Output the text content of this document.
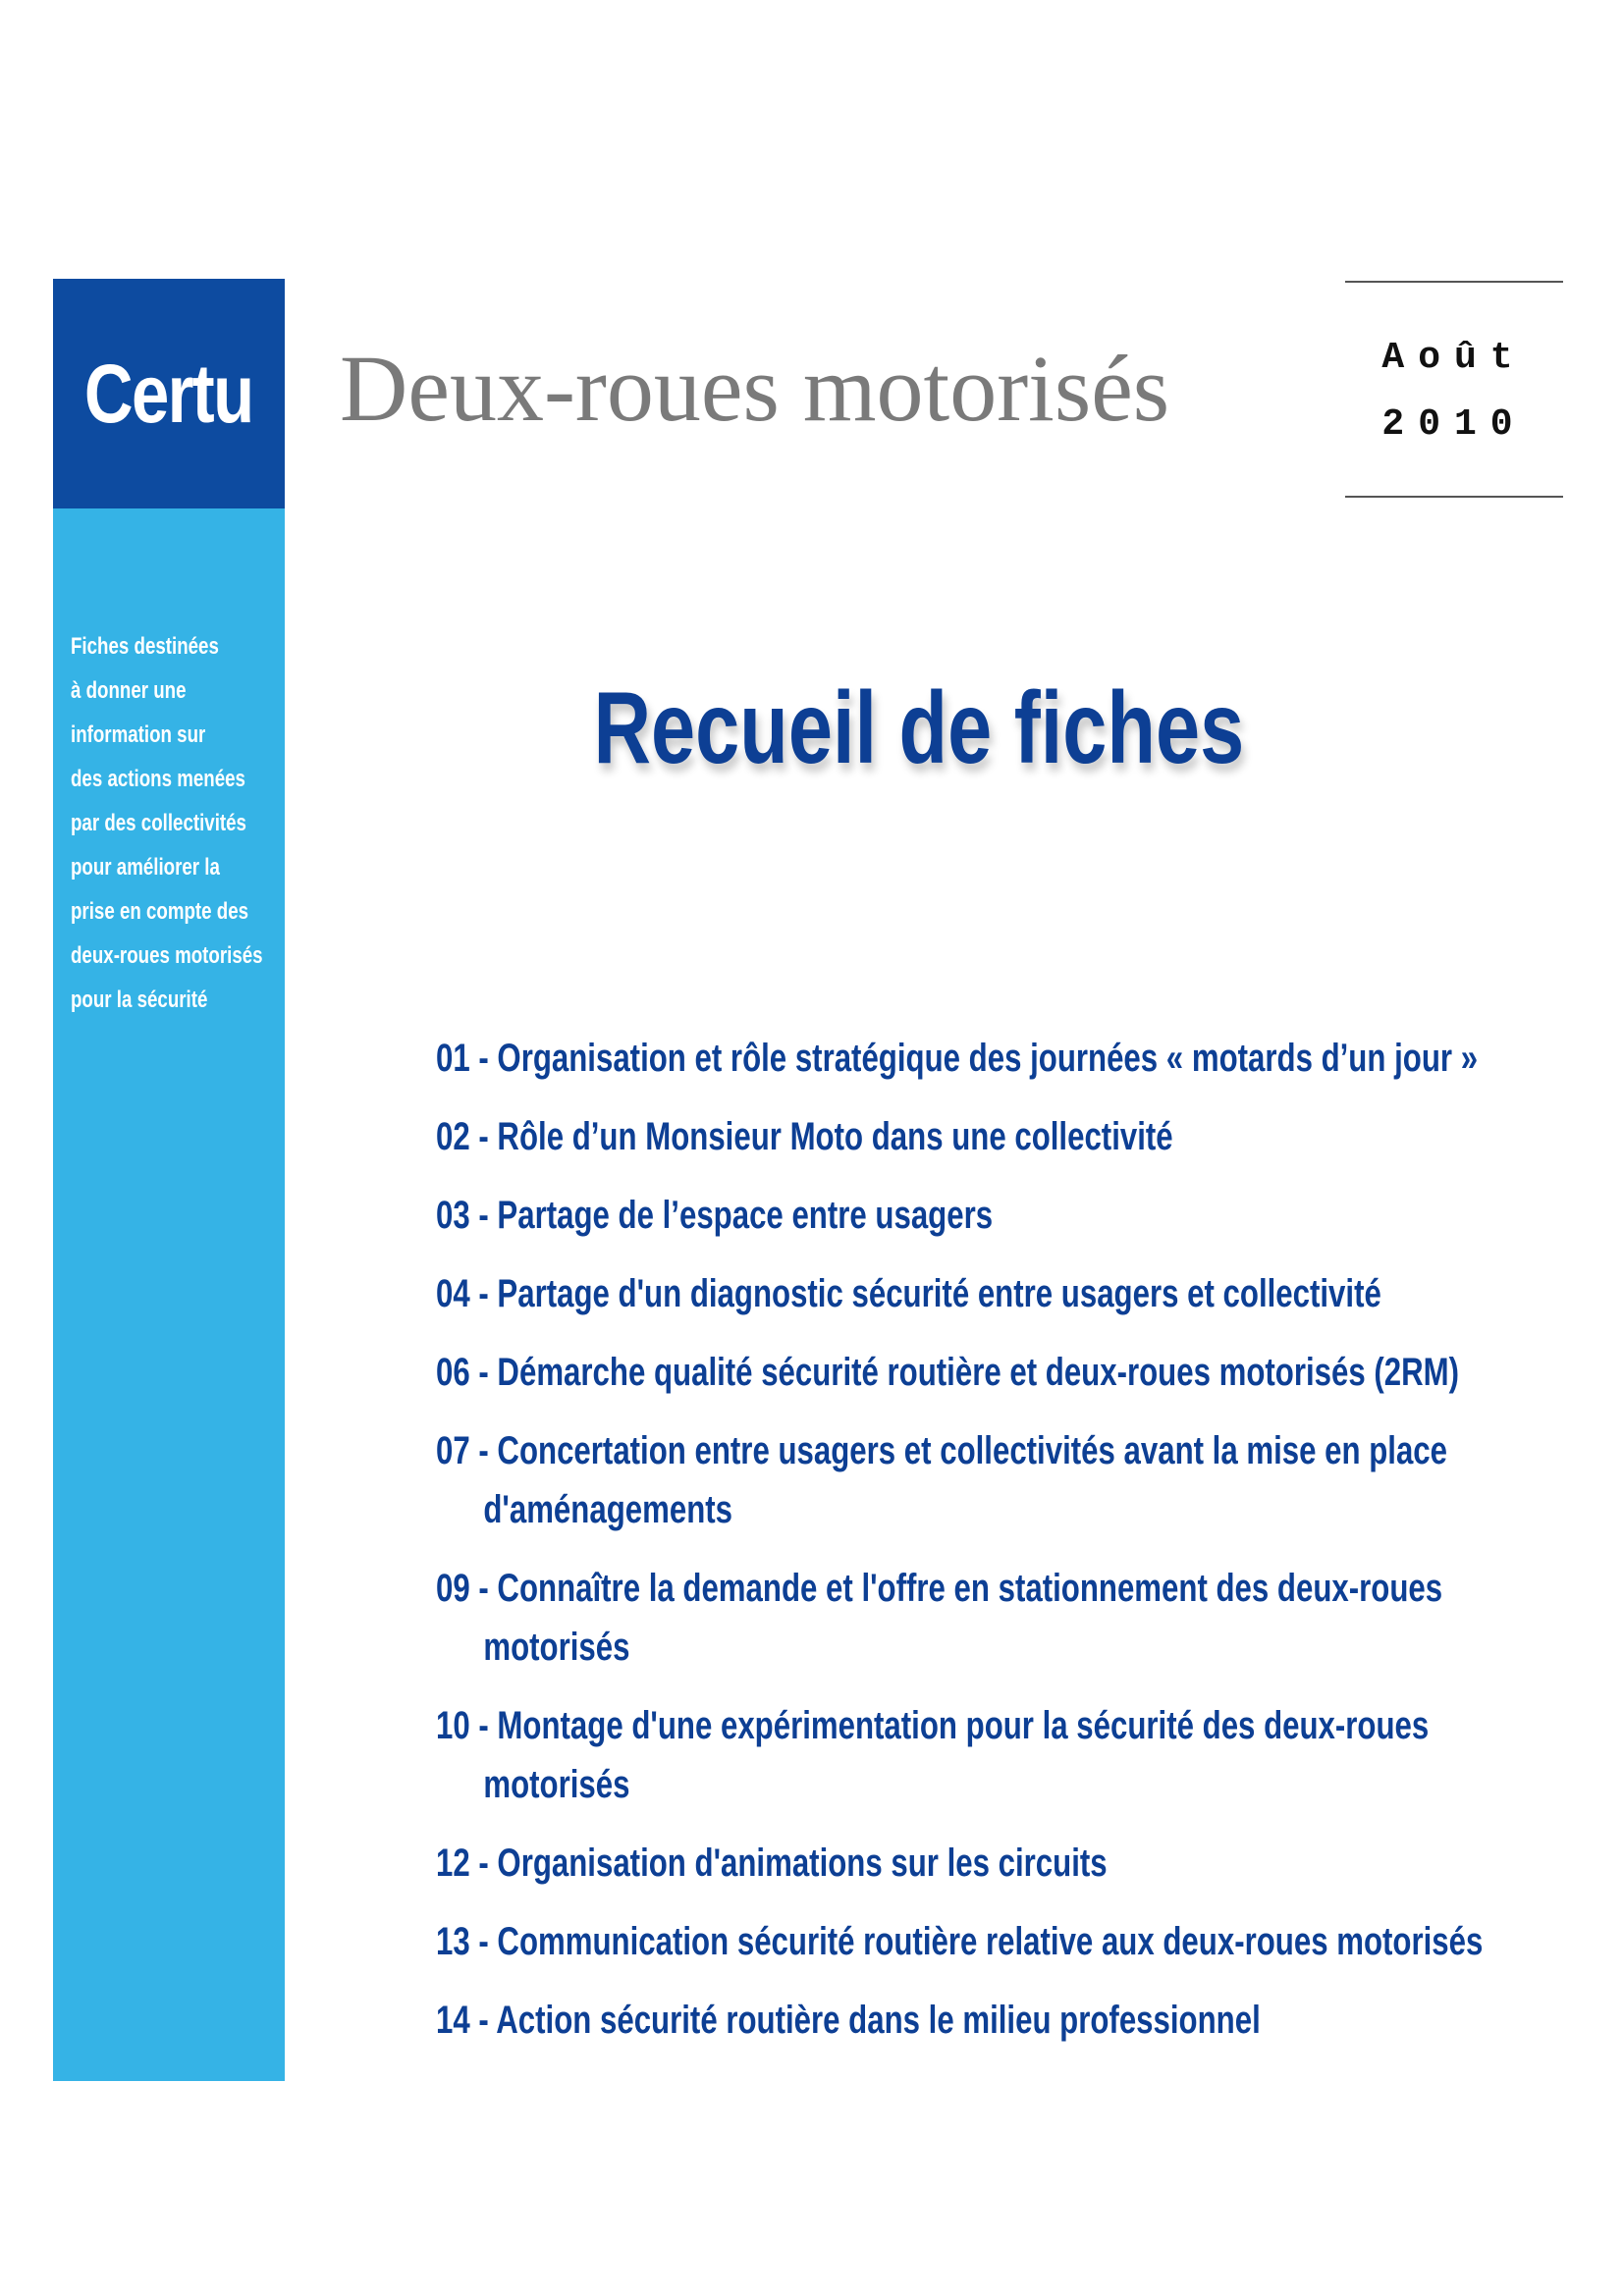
Certu
Fiches destinées
à donner une
information sur
des actions menées
par des collectivités
pour améliorer la
prise en compte des
deux-roues motorisés
pour la sécurité
Deux-roues motorisés	Août
2010
Recueil de fiches
01 - Organisation et rôle stratégique des journées « motards d’un jour »
02 - Rôle d’un Monsieur Moto dans une collectivité
03 - Partage de l’espace entre usagers
04 - Partage d'un diagnostic sécurité entre usagers et collectivité
06 - Démarche qualité sécurité routière et deux-roues motorisés (2RM)
07 - Concertation entre usagers et collectivités avant la mise en place
d'aménagements
09 - Connaître la demande et l'offre en stationnement des deux-roues
motorisés
10 - Montage d'une expérimentation pour la sécurité des deux-roues
motorisés
12 - Organisation d'animations sur les circuits
13 - Communication sécurité routière relative aux deux-roues motorisés
14 - Action sécurité routière dans le milieu professionnel
